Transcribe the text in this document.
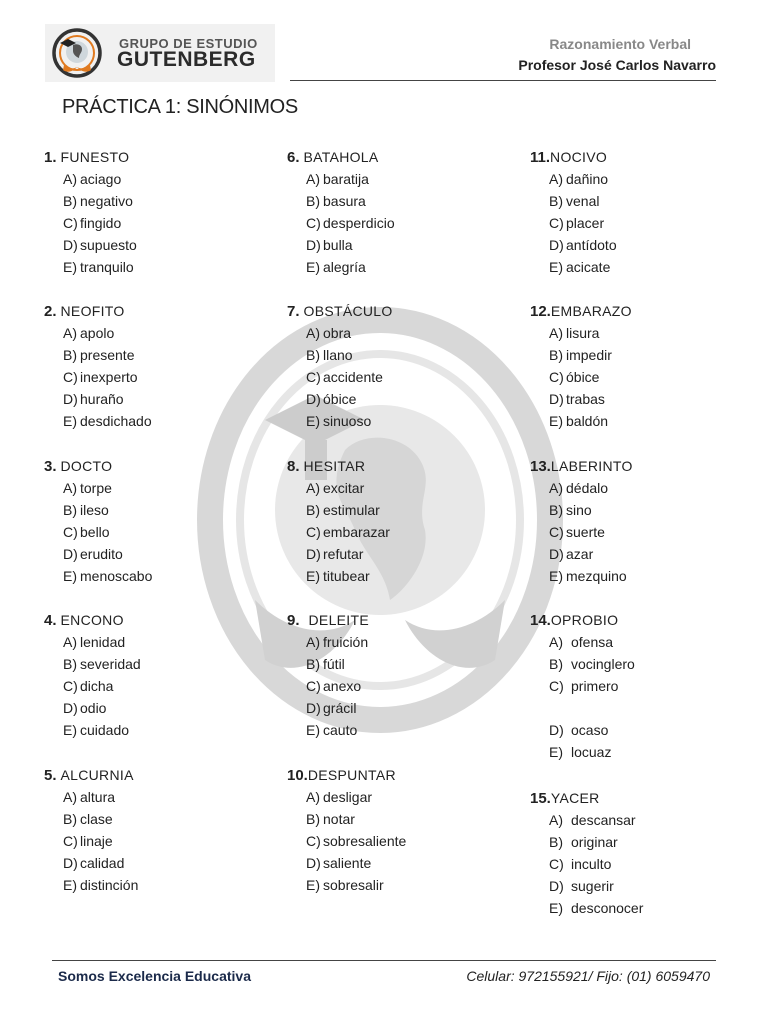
GRUPO DE ESTUDIO
GUTENBERG
Razonamiento Verbal
Profesor José Carlos Navarro
PRÁCTICA 1: SINÓNIMOS
1. FUNESTO
A) aciago
B) negativo
C) fingido
D) supuesto
E) tranquilo
2. NEOFITO
A) apolo
B) presente
C) inexperto
D) huraño
E) desdichado
3. DOCTO
A) torpe
B) ileso
C) bello
D) erudito
E) menoscabo
4. ENCONO
A) lenidad
B) severidad
C) dicha
D) odio
E) cuidado
5. ALCURNIA
A) altura
B) clase
C) linaje
D) calidad
E) distinción
6. BATAHOLA
A) baratija
B) basura
C) desperdicio
D) bulla
E) alegría
7. OBSTÁCULO
A) obra
B) llano
C) accidente
D) óbice
E) sinuoso
8. HESITAR
A) excitar
B) estimular
C) embarazar
D) refutar
E) titubear
9. DELEITE
A) fruición
B) fútil
C) anexo
D) grácil
E) cauto
10.DESPUNTAR
A) desligar
B) notar
C) sobresaliente
D) saliente
E) sobresalir
11.NOCIVO
A) dañino
B) venal
C) placer
D) antídoto
E) acicate
12.EMBARAZO
A) lisura
B) impedir
C) óbice
D) trabas
E) baldón
13.LABERINTO
A) dédalo
B) sino
C) suerte
D) azar
E) mezquino
14.OPROBIO
A) ofensa
B) vocinglero
C) primero
D) ocaso
E) locuaz
15.YACER
A) descansar
B) originar
C) inculto
D) sugerir
E) desconocer
Somos Excelencia Educativa	Celular: 972155921/ Fijo: (01) 6059470
